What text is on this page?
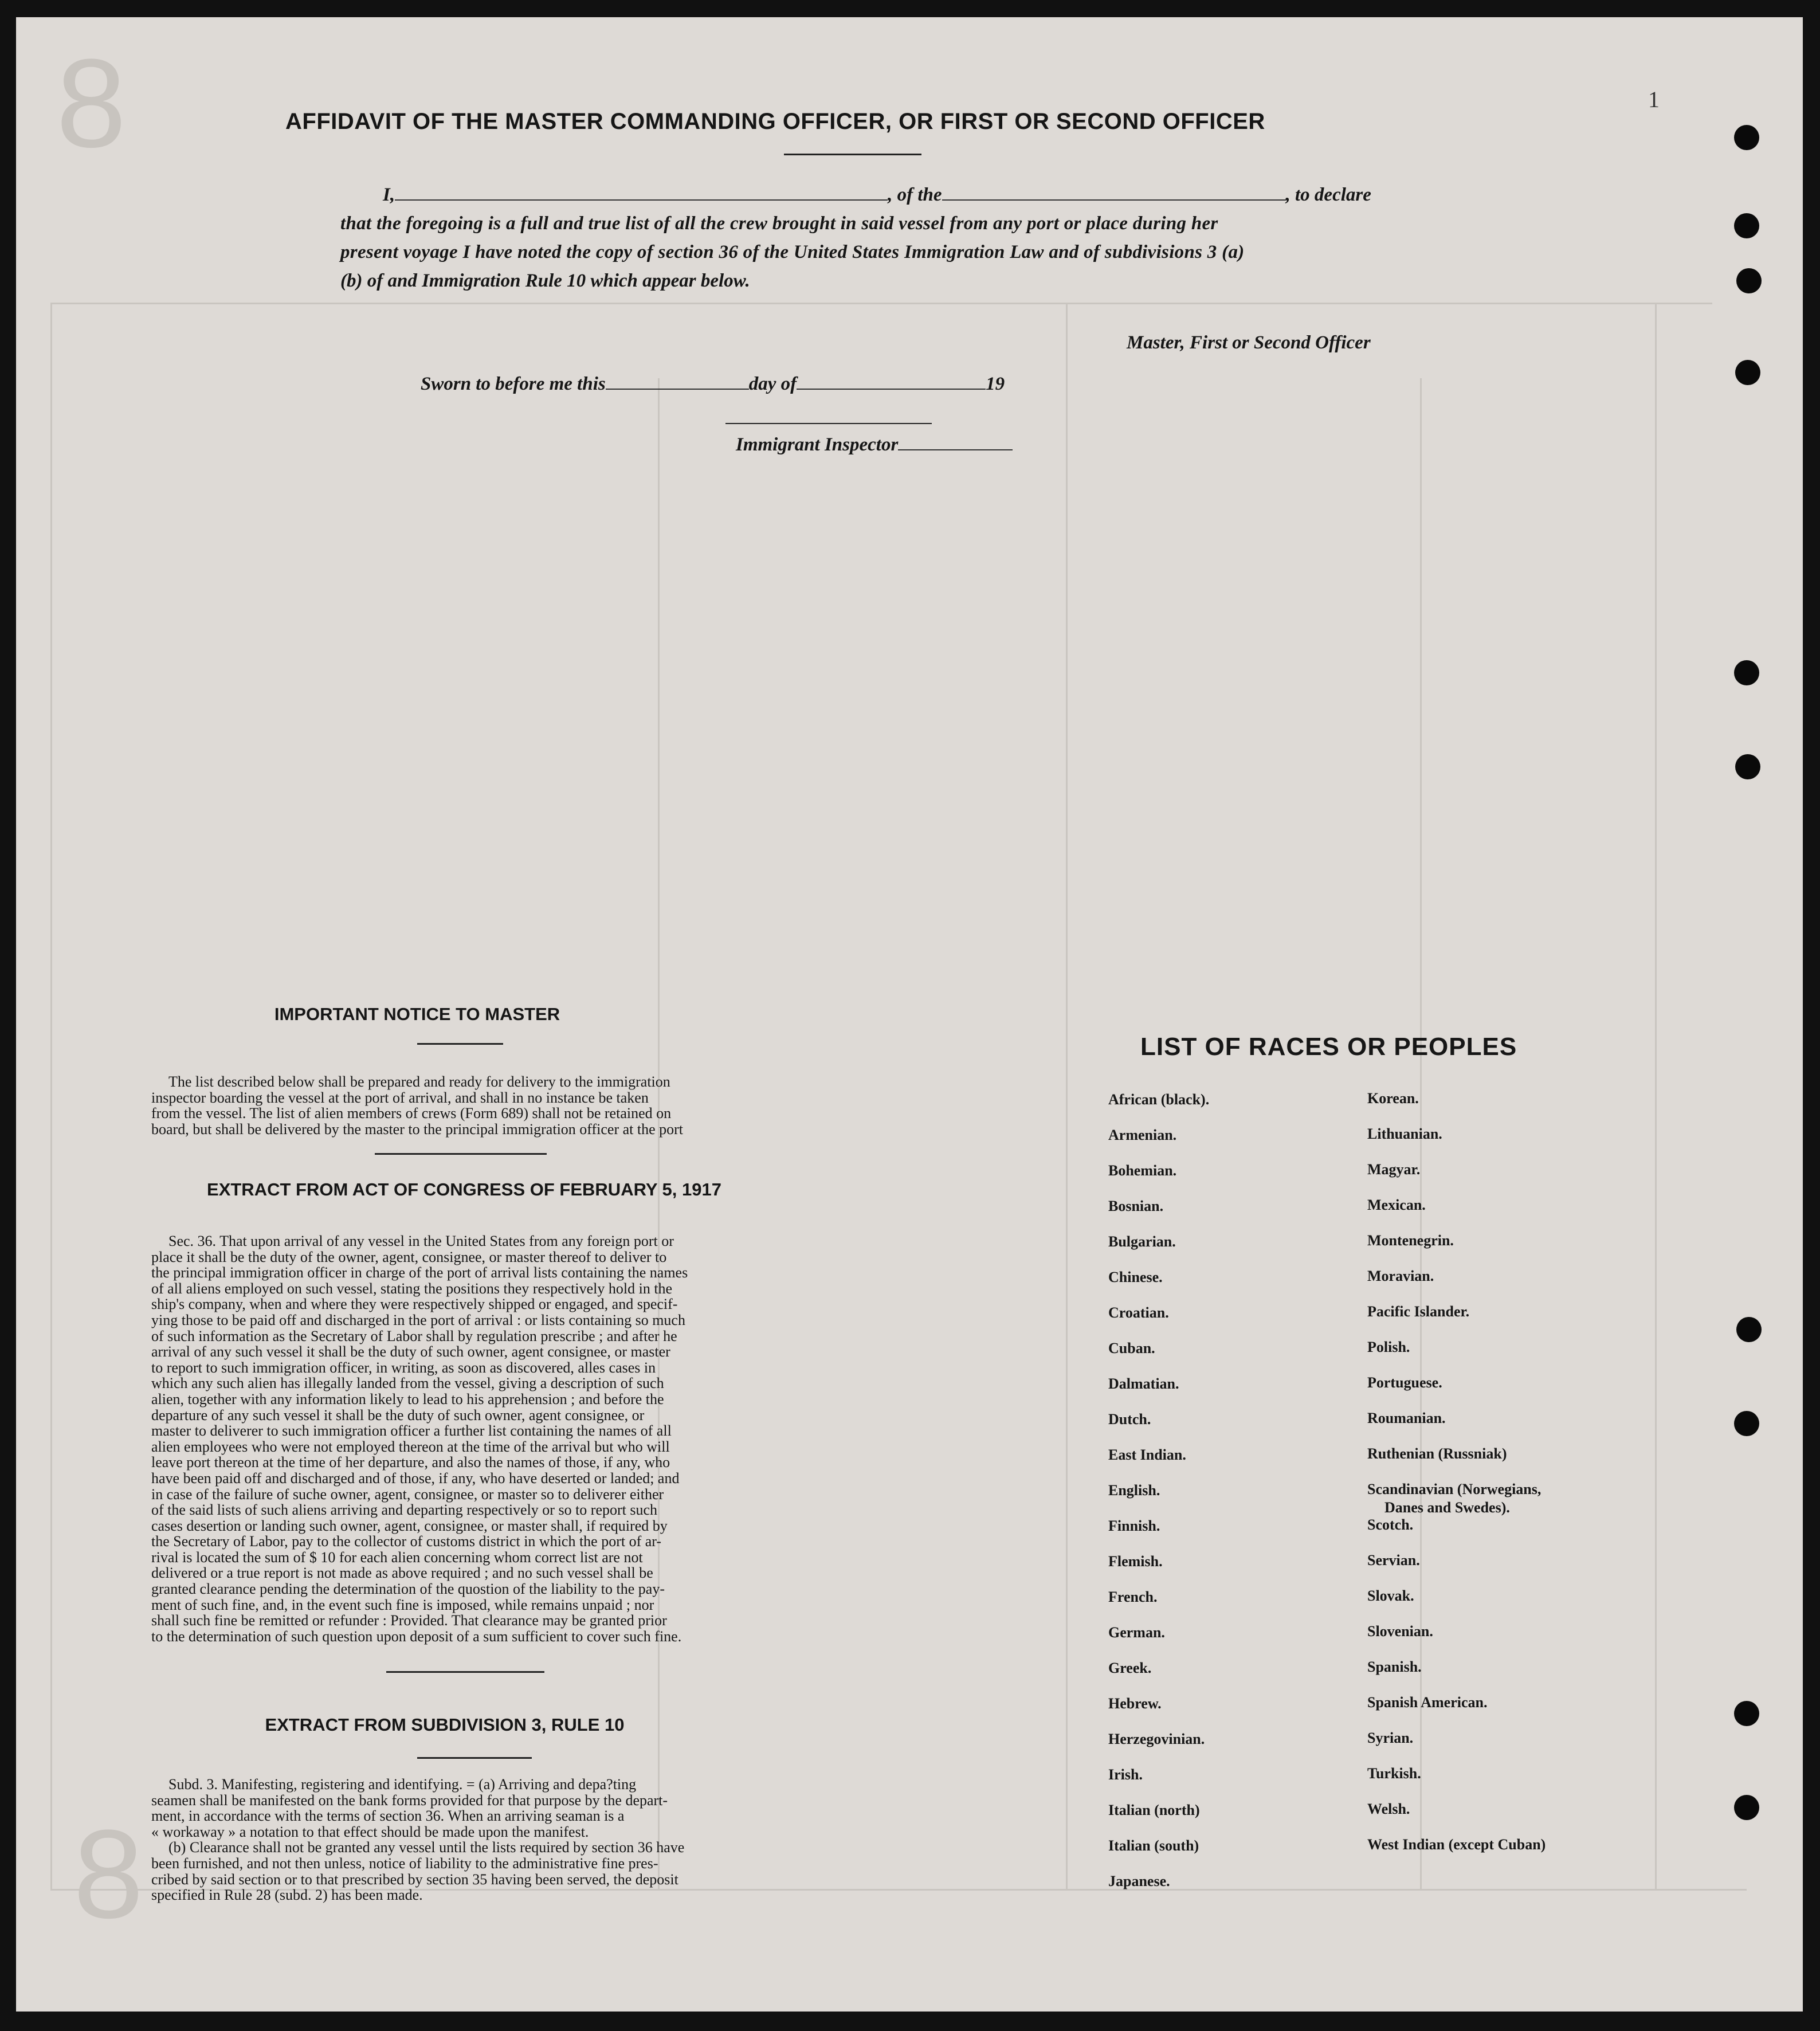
8
8
1
AFFIDAVIT OF THE MASTER COMMANDING OFFICER, OR FIRST OR SECOND OFFICER
I,	, of the	, to declare
that the foregoing is a full and true list of all the crew brought in said vessel from any port or place during her
present voyage I have noted the copy of section 36 of the United States Immigration Law and of subdivisions 3 (a)
(b) of and Immigration Rule 10 which appear below.
Master, First or Second Officer
Sworn to before me this	day of	19
Immigrant Inspector
IMPORTANT NOTICE TO MASTER
The list described below shall be prepared and ready for delivery to the immigration
inspector boarding the vessel at the port of arrival, and shall in no instance be taken
from the vessel. The list of alien members of crews (Form 689) shall not be retained on
board, but shall be delivered by the master to the principal immigration officer at the port
EXTRACT FROM ACT OF CONGRESS OF FEBRUARY 5, 1917
Sec. 36. That upon arrival of any vessel in the United States from any foreign port or
place it shall be the duty of the owner, agent, consignee, or master thereof to deliver to
the principal immigration officer in charge of the port of arrival lists containing the names
of all aliens employed on such vessel, stating the positions they respectively hold in the
ship's company, when and where they were respectively shipped or engaged, and specif-
ying those to be paid off and discharged in the port of arrival : or lists containing so much
of such information as the Secretary of Labor shall by regulation prescribe ; and after he
arrival of any such vessel it shall be the duty of such owner, agent consignee, or master
to report to such immigration officer, in writing, as soon as discovered, alles cases in
which any such alien has illegally landed from the vessel, giving a description of such
alien, together with any information likely to lead to his apprehension ; and before the
departure of any such vessel it shall be the duty of such owner, agent consignee, or
master to deliverer to such immigration officer a further list containing the names of all
alien employees who were not employed thereon at the time of the arrival but who will
leave port thereon at the time of her departure, and also the names of those, if any, who
have been paid off and discharged and of those, if any, who have deserted or landed; and
in case of the failure of suche owner, agent, consignee, or master so to deliverer either
of the said lists of such aliens arriving and departing respectively or so to report such
cases desertion or landing such owner, agent, consignee, or master shall, if required by
the Secretary of Labor, pay to the collector of customs district in which the port of ar-
rival is located the sum of $ 10 for each alien concerning whom correct list are not
delivered or a true report is not made as above required ; and no such vessel shall be
granted clearance pending the determination of the quostion of the liability to the pay-
ment of such fine, and, in the event such fine is imposed, while remains unpaid ; nor
shall such fine be remitted or refunder : Provided. That clearance may be granted prior
to the determination of such question upon deposit of a sum sufficient to cover such fine.
EXTRACT FROM SUBDIVISION 3, RULE 10
Subd. 3. Manifesting, registering and identifying. = (a) Arriving and depa?ting
seamen shall be manifested on the bank forms provided for that purpose by the depart-
ment, in accordance with the terms of section 36. When an arriving seaman is a
« workaway » a notation to that effect should be made upon the manifest.
(b) Clearance shall not be granted any vessel until the lists required by section 36 have
been furnished, and not then unless, notice of liability to the administrative fine pres-
cribed by said section or to that prescribed by section 35 having been served, the deposit
specified in Rule 28 (subd. 2) has been made.
LIST OF RACES OR PEOPLES
African (black).
Armenian.
Bohemian.
Bosnian.
Bulgarian.
Chinese.
Croatian.
Cuban.
Dalmatian.
Dutch.
East Indian.
English.
Finnish.
Flemish.
French.
German.
Greek.
Hebrew.
Herzegovinian.
Irish.
Italian (north)
Italian (south)
Japanese.
Korean.
Lithuanian.
Magyar.
Mexican.
Montenegrin.
Moravian.
Pacific Islander.
Polish.
Portuguese.
Roumanian.
Ruthenian (Russniak)
Scandinavian (Norwegians,
Danes and Swedes).
Scotch.
Servian.
Slovak.
Slovenian.
Spanish.
Spanish American.
Syrian.
Turkish.
Welsh.
West Indian (except Cuban)
